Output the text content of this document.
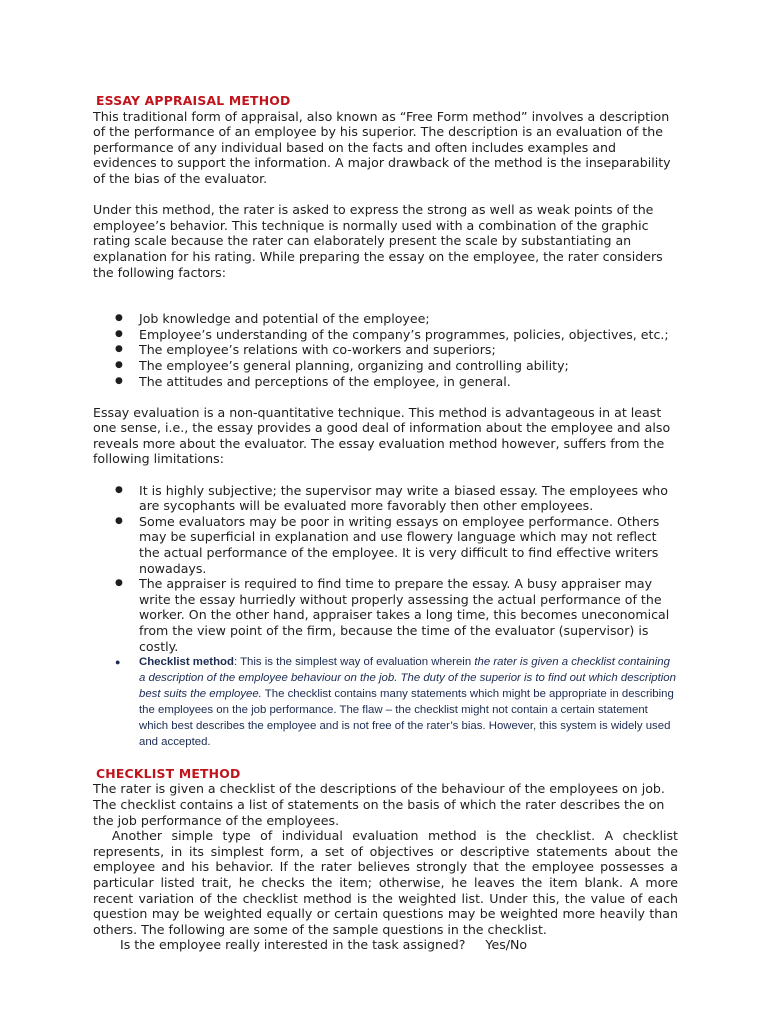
ESSAY APPRAISAL METHOD

This traditional form of appraisal, also known as “Free Form method” involves a description of the performance of an employee by his superior. The description is an evaluation of the performance of any individual based on the facts and often includes examples and evidences to support the information. A major drawback of the method is the inseparability of the bias of the evaluator.

Under this method, the rater is asked to express the strong as well as weak points of the employee’s behavior. This technique is normally used with a combination of the graphic rating scale because the rater can elaborately present the scale by substantiating an explanation for his rating. While preparing the essay on the employee, the rater considers the following factors:

● Job knowledge and potential of the employee;
● Employee’s understanding of the company’s programmes, policies, objectives, etc.;
● The employee’s relations with co-workers and superiors;
● The employee’s general planning, organizing and controlling ability;
● The attitudes and perceptions of the employee, in general.

Essay evaluation is a non-quantitative technique. This method is advantageous in at least one sense, i.e., the essay provides a good deal of information about the employee and also reveals more about the evaluator. The essay evaluation method however, suffers from the following limitations:

● It is highly subjective; the supervisor may write a biased essay. The employees who are sycophants will be evaluated more favorably then other employees.
● Some evaluators may be poor in writing essays on employee performance. Others may be superficial in explanation and use flowery language which may not reflect the actual performance of the employee. It is very difficult to find effective writers nowadays.
● The appraiser is required to find time to prepare the essay. A busy appraiser may write the essay hurriedly without properly assessing the actual performance of the worker. On the other hand, appraiser takes a long time, this becomes uneconomical from the view point of the firm, because the time of the evaluator (supervisor) is costly.
● Checklist method: This is the simplest way of evaluation wherein the rater is given a checklist containing a description of the employee behaviour on the job. The duty of the superior is to find out which description best suits the employee. The checklist contains many statements which might be appropriate in describing the employees on the job performance. The flaw – the checklist might not contain a certain statement which best describes the employee and is not free of the rater’s bias. However, this system is widely used and accepted.
CHECKLIST METHOD

The rater is given a checklist of the descriptions of the behaviour of the employees on job. The checklist contains a list of statements on the basis of which the rater describes the on the job performance of the employees.

Another simple type of individual evaluation method is the checklist. A checklist represents, in its simplest form, a set of objectives or descriptive statements about the employee and his behavior. If the rater believes strongly that the employee possesses a particular listed trait, he checks the item; otherwise, he leaves the item blank. A more recent variation of the checklist method is the weighted list. Under this, the value of each question may be weighted equally or certain questions may be weighted more heavily than others. The following are some of the sample questions in the checklist.

Is the employee really interested in the task assigned?     Yes/No
